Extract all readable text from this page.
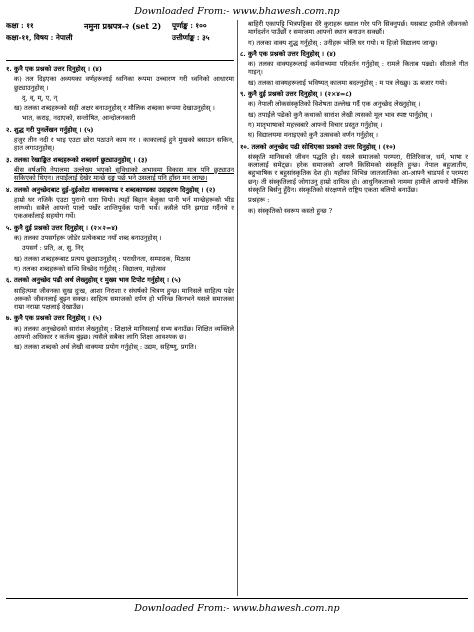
Downloaded From:- www.bhawesh.com.np
कक्षा : ११	नमुना प्रश्नपत्र-२ (set 2) पूर्णाङ्क : १००
कक्षा-११, विषय : नेपाली	उत्तीर्णाङ्क : ३५

१. कुनै एक प्रश्नको उत्तर दिनुहोस् । (४)

क) तल दिइएका अव्ययका वर्णहरूलाई ध्वनिका रूपमा उच्चारण गरी ध्वनिको आधारमा छुट्याउनुहोस् ।

द्, व्, म्, ए, न्

ख) तलका शब्दहरूको सही अक्षर बनाउनुहोस् र मौलिक शब्दका रूपमा देखाउनुहोस् ।

भात, कराइ, नदाएको, सन्तोषित, आन्दोलनकारी

२. शुद्ध गरी पुनर्लेखन गर्नुहोस् । (५)

हजुर तीन नदी र भाइ एउटा छोरा पठाउने काम गर । काकालाई हुने मुखको बसाउन सकिन, हात लगाउनुहोस्।

३. तलका रेखाङ्कित शब्दहरूको शब्दवर्ग छुट्याउनुहोस् । (३)

बीस वर्षअघि नेपालमा उल्लेख्य भएको सुविधाको अभावमा विकास मात्र पनि छुट्याउन सकिएको थिएन। तपाईंलाई देखेर मान्छे दङ्ग पर्छ भने उसलाई पनि हाँस्न मन लाग्छ।

४. तलको अनुच्छेदबाट दुई-दुईओटा वाक्यकाण्ड र शब्दकाण्डका उदाहरण दिनुहोस् । (२)

हाम्रो घर नजिकै एउटा पुरानो धारा थियो। त्यहाँ बिहान बेलुका पानी भर्न मान्छेहरूको भीड लाग्थ्यो। सबैले आफ्नो पालो पर्खेर शान्तिपूर्वक पानी भर्थे। कसैले पनि झगडा गर्दैनथे र एकअर्कालाई सहयोग गर्थे।

५. कुनै दुई प्रश्नको उत्तर दिनुहोस् । (२×२=४)

क) तलका उपसर्गहरू जोडेर प्रत्येकबाट नयाँ शब्द बनाउनुहोस् ।

उपसर्ग : प्रति, अ, सु, निर्

ख) तलका शब्दहरूबाट प्रत्यय छुट्याउनुहोस् : पराधीनता, सम्पादक, मिठास

ग) तलका शब्दहरूको सन्धि विच्छेद गर्नुहोस् : विद्यालय, महोत्सव

६. तलको अनुच्छेद पढी अर्थ लेख्नुहोस् र मुख्य भाव टिपोट गर्नुहोस् । (५)

साहित्यमा जीवनका सुख दुःख, आशा निराशा र संघर्षको चित्रण हुन्छ। मानिसले साहित्य पढेर अरूको जीवनलाई बुझ्न सक्छ। साहित्य समाजको दर्पण हो भनिन्छ किनभने यसले समाजका राम्रा नराम्रा पक्षलाई देखाउँछ।

७. कुनै एक प्रश्नको उत्तर दिनुहोस् । (५)

क) तलका अनुच्छेदको सारांश लेख्नुहोस् : शिक्षाले मानिसलाई सभ्य बनाउँछ। शिक्षित व्यक्तिले आफ्नो अधिकार र कर्तव्य बुझ्छ। त्यसैले सबैका लागि शिक्षा आवश्यक छ।

ख) तलका शब्दको अर्थ लेखी वाक्यमा प्रयोग गर्नुहोस् : उद्यम, सहिष्णु, प्रगति।

बाहिरी एकापट्टि भित्रपट्टिका धेरै कुराहरू ख्याल गरेर पनि सिक्नुपर्छ। यसबाट हामीले जीवनको मार्गदर्शन पाउँछौं र समाजमा आफ्नो स्थान बनाउन सक्छौं।

ग) तलका वाक्य शुद्ध गर्नुहोस् : उनीहरू भोलि घर गयो। म हिजो विद्यालय जान्छु।

८. कुनै एक प्रश्नको उत्तर दिनुहोस् । (४)

क) तलका वाक्यहरूलाई कर्मवाच्यमा परिवर्तन गर्नुहोस् : रामले किताब पढ्यो। सीताले गीत गाइन्।

ख) तलका वाक्यहरूलाई भविष्यत् कालमा बदल्नुहोस् : म पत्र लेख्छु। ऊ बजार गयो।

९. कुनै दुई प्रश्नको उत्तर दिनुहोस् । (२×४=८)

क) नेपाली लोकसंस्कृतिको विशेषता उल्लेख गर्दै एक अनुच्छेद लेख्नुहोस् ।

ख) तपाईंले पढेको कुनै कथाको सारांश लेखी त्यसको मूल भाव स्पष्ट पार्नुहोस् ।

ग) मातृभाषाको महत्त्वबारे आफ्नो विचार प्रस्तुत गर्नुहोस् ।

घ) विद्यालयमा मनाइएको कुनै उत्सवको वर्णन गर्नुहोस् ।

१०. तलको अनुच्छेद पढी सोधिएका प्रश्नको उत्तर दिनुहोस् । (१०)

संस्कृति मानिसको जीवन पद्धति हो। यसले समाजको परम्परा, रीतिरिवाज, धर्म, भाषा र कलालाई समेट्छ। हरेक समाजको आफ्नै किसिमको संस्कृति हुन्छ। नेपाल बहुजातीय, बहुभाषिक र बहुसांस्कृतिक देश हो। यहाँका विभिन्न जातजातिका आ-आफ्नै चाडपर्व र परम्परा छन्। ती संस्कृतिलाई जोगाउनु हाम्रो दायित्व हो। आधुनिकताको नाममा हामीले आफ्नो मौलिक संस्कृति बिर्सनु हुँदैन। संस्कृतिको संरक्षणले राष्ट्रिय एकता बलियो बनाउँछ।

प्रश्नहरू :

क) संस्कृतिको स्वरूप कस्तो हुन्छ ?

Downloaded From:- www.bhawesh.com.np
